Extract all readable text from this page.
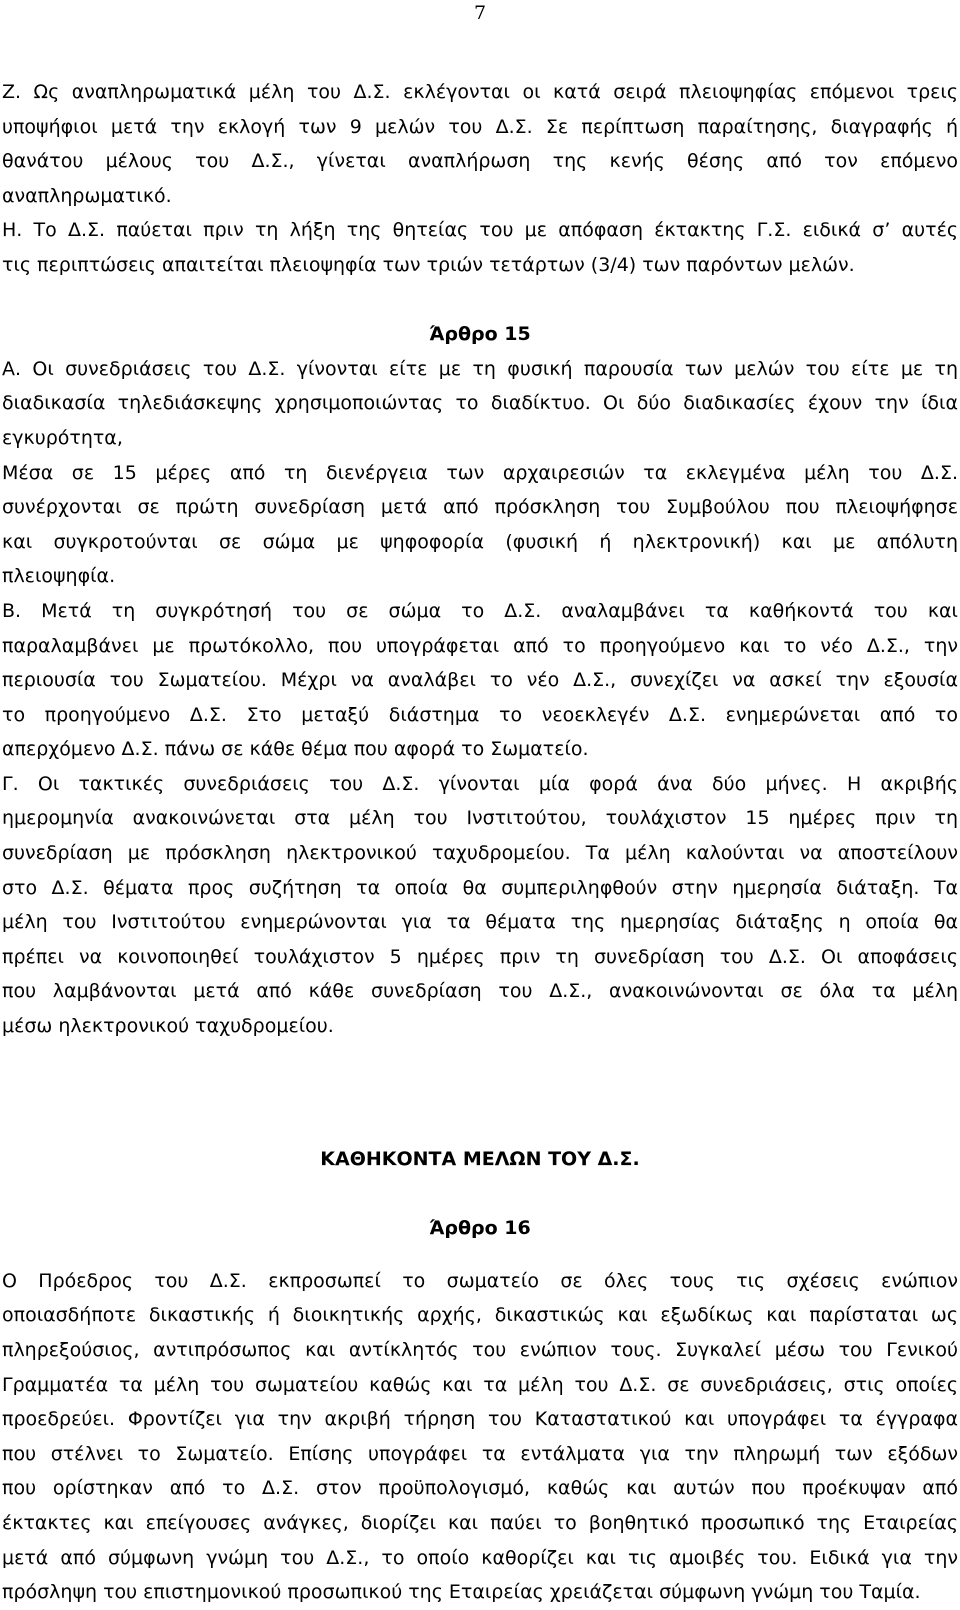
7
Ζ. Ως αναπληρωματικά μέλη του Δ.Σ. εκλέγονται οι κατά σειρά πλειοψηφίας επόμενοι τρεις
υποψήφιοι μετά την εκλογή των 9 μελών του Δ.Σ. Σε περίπτωση παραίτησης, διαγραφής ή
θανάτου μέλους του Δ.Σ., γίνεται αναπλήρωση της κενής θέσης από τον επόμενο
αναπληρωματικό.
Η. Το Δ.Σ. παύεται πριν τη λήξη της θητείας του με απόφαση έκτακτης Γ.Σ. ειδικά σ’ αυτές
τις περιπτώσεις απαιτείται πλειοψηφία των τριών τετάρτων (3/4) των παρόντων μελών.
Άρθρο 15
Α. Οι συνεδριάσεις του Δ.Σ. γίνονται είτε με τη φυσική παρουσία των μελών του είτε με τη
διαδικασία τηλεδιάσκεψης χρησιμοποιώντας το διαδίκτυο. Οι δύο διαδικασίες έχουν την ίδια
εγκυρότητα,
Μέσα σε 15 μέρες από τη διενέργεια των αρχαιρεσιών τα εκλεγμένα μέλη του Δ.Σ.
συνέρχονται σε πρώτη συνεδρίαση μετά από πρόσκληση του Συμβούλου που πλειοψήφησε
και συγκροτούνται σε σώμα με ψηφοφορία (φυσική ή ηλεκτρονική) και με απόλυτη
πλειοψηφία.
Β. Μετά τη συγκρότησή του σε σώμα το Δ.Σ. αναλαμβάνει τα καθήκοντά του και
παραλαμβάνει με πρωτόκολλο, που υπογράφεται από το προηγούμενο και το νέο Δ.Σ., την
περιουσία του Σωματείου. Μέχρι να αναλάβει το νέο Δ.Σ., συνεχίζει να ασκεί την εξουσία
το προηγούμενο Δ.Σ. Στο μεταξύ διάστημα το νεοεκλεγέν Δ.Σ. ενημερώνεται από το
απερχόμενο Δ.Σ. πάνω σε κάθε θέμα που αφορά το Σωματείο.
Γ. Οι τακτικές συνεδριάσεις του Δ.Σ. γίνονται μία φορά άνα δύο μήνες. Η ακριβής
ημερομηνία ανακοινώνεται στα μέλη του Ινστιτούτου, τουλάχιστον 15 ημέρες πριν τη
συνεδρίαση με πρόσκληση ηλεκτρονικού ταχυδρομείου. Τα μέλη καλούνται να αποστείλουν
στο Δ.Σ. θέματα προς συζήτηση τα οποία θα συμπεριληφθούν στην ημερησία διάταξη. Τα
μέλη του Ινστιτούτου ενημερώνονται για τα θέματα της ημερησίας διάταξης η οποία θα
πρέπει να κοινοποιηθεί τουλάχιστον 5 ημέρες πριν τη συνεδρίαση του Δ.Σ. Οι αποφάσεις
που λαμβάνονται μετά από κάθε συνεδρίαση του Δ.Σ., ανακοινώνονται σε όλα τα μέλη
μέσω ηλεκτρονικού ταχυδρομείου.
ΚΑΘΗΚΟΝΤΑ ΜΕΛΩΝ ΤΟΥ Δ.Σ.
Άρθρο 16
Ο Πρόεδρος του Δ.Σ. εκπροσωπεί το σωματείο σε όλες τους τις σχέσεις ενώπιον
οποιασδήποτε δικαστικής ή διοικητικής αρχής, δικαστικώς και εξωδίκως και παρίσταται ως
πληρεξούσιος, αντιπρόσωπος και αντίκλητός του ενώπιον τους. Συγκαλεί μέσω του Γενικού
Γραμματέα τα μέλη του σωματείου καθώς και τα μέλη του Δ.Σ. σε συνεδριάσεις, στις οποίες
προεδρεύει. Φροντίζει για την ακριβή τήρηση του Καταστατικού και υπογράφει τα έγγραφα
που στέλνει το Σωματείο. Επίσης υπογράφει τα εντάλματα για την πληρωμή των εξόδων
που ορίστηκαν από το Δ.Σ. στον προϋπολογισμό, καθώς και αυτών που προέκυψαν από
έκτακτες και επείγουσες ανάγκες, διορίζει και παύει το βοηθητικό προσωπικό της Εταιρείας
μετά από σύμφωνη γνώμη του Δ.Σ., το οποίο καθορίζει και τις αμοιβές του. Ειδικά για την
πρόσληψη του επιστημονικού προσωπικού της Εταιρείας χρειάζεται σύμφωνη γνώμη του Ταμία.
